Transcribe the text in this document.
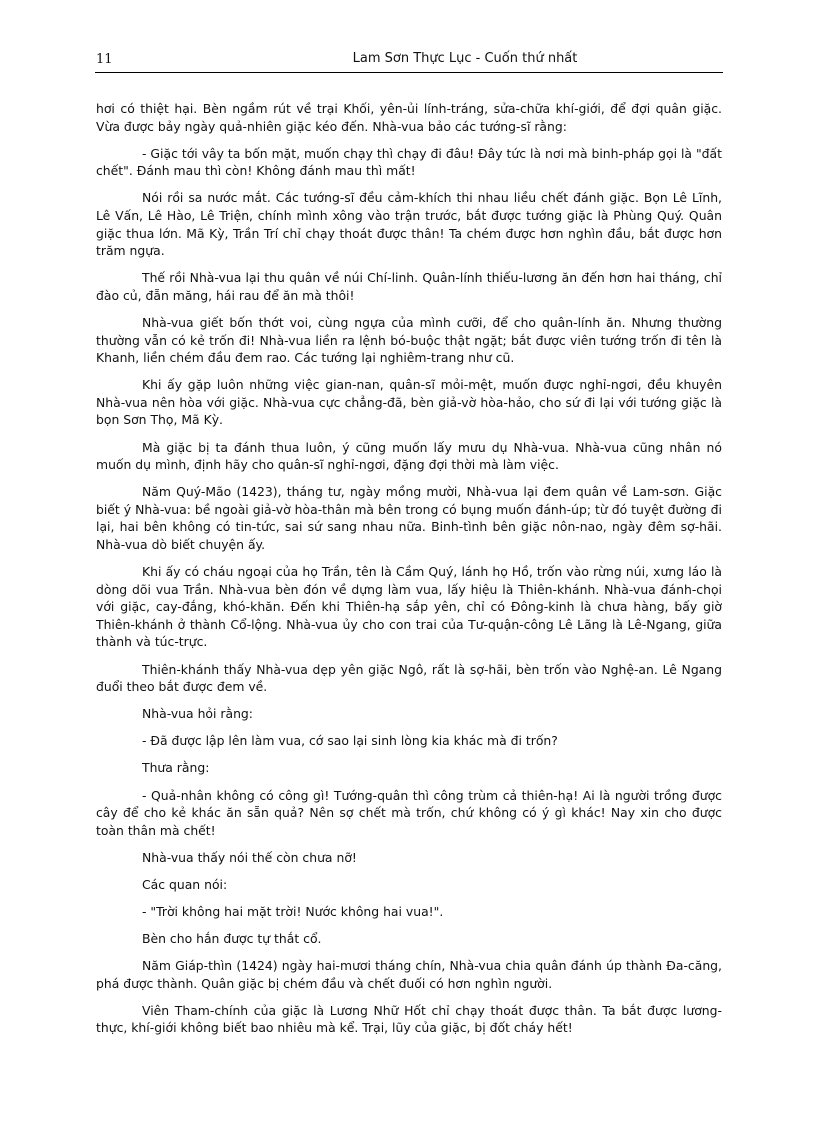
11	Lam Sơn Thực Lục - Cuốn thứ nhất

hơi có thiệt hại. Bèn ngầm rút về trại Khối, yên-ủi lính-tráng, sửa-chữa khí-giới, để đợi quân giặc. Vừa được bảy ngày quả-nhiên giặc kéo đến. Nhà-vua bảo các tướng-sĩ rằng:

- Giặc tới vây ta bốn mặt, muốn chạy thì chạy đi đâu! Đây tức là nơi mà binh-pháp gọi là "đất chết". Đánh mau thì còn! Không đánh mau thì mất!

Nói rồi sa nước mắt. Các tướng-sĩ đều cảm-khích thi nhau liều chết đánh giặc. Bọn Lê Lĩnh, Lê Vấn, Lê Hào, Lê Triện, chính mình xông vào trận trước, bắt được tướng giặc là Phùng Quý. Quân giặc thua lớn. Mã Kỳ, Trần Trí chỉ chạy thoát được thân! Ta chém được hơn nghìn đầu, bắt được hơn trăm ngựa.

Thế rồi Nhà-vua lại thu quân về núi Chí-linh. Quân-lính thiếu-lương ăn đến hơn hai tháng, chỉ đào củ, đẵn măng, hái rau để ăn mà thôi!

Nhà-vua giết bốn thớt voi, cùng ngựa của mình cưỡi, để cho quân-lính ăn. Nhưng thường thường vẫn có kẻ trốn đi! Nhà-vua liền ra lệnh bó-buộc thật ngặt; bắt được viên tướng trốn đi tên là Khanh, liền chém đầu đem rao. Các tướng lại nghiêm-trang như cũ.

Khi ấy gặp luôn những việc gian-nan, quân-sĩ mỏi-mệt, muốn được nghỉ-ngơi, đều khuyên Nhà-vua nên hòa với giặc. Nhà-vua cực chẳng-đã, bèn giả-vờ hòa-hảo, cho sứ đi lại với tướng giặc là bọn Sơn Thọ, Mã Kỳ.

Mà giặc bị ta đánh thua luôn, ý cũng muốn lấy mưu dụ Nhà-vua. Nhà-vua cũng nhân nó muốn dụ mình, định hãy cho quân-sĩ nghỉ-ngơi, đặng đợi thời mà làm việc.

Năm Quý-Mão (1423), tháng tư, ngày mồng mười, Nhà-vua lại đem quân về Lam-sơn. Giặc biết ý Nhà-vua: bề ngoài giả-vờ hòa-thân mà bên trong có bụng muốn đánh-úp; từ đó tuyệt đường đi lại, hai bên không có tin-tức, sai sứ sang nhau nữa. Binh-tình bên giặc nôn-nao, ngày đêm sợ-hãi. Nhà-vua dò biết chuyện ấy.

Khi ấy có cháu ngoại của họ Trần, tên là Cầm Quý, lánh họ Hồ, trốn vào rừng núi, xưng láo là dòng dõi vua Trần. Nhà-vua bèn đón về dựng làm vua, lấy hiệu là Thiên-khánh. Nhà-vua đánh-chọi với giặc, cay-đắng, khó-khăn. Đến khi Thiên-hạ sắp yên, chỉ có Đông-kinh là chưa hàng, bấy giờ Thiên-khánh ở thành Cổ-lộng. Nhà-vua ủy cho con trai của Tư-quận-công Lê Lãng là Lê-Ngang, giữa thành và túc-trực.

Thiên-khánh thấy Nhà-vua dẹp yên giặc Ngô, rất là sợ-hãi, bèn trốn vào Nghệ-an. Lê Ngang đuổi theo bắt được đem về.

Nhà-vua hỏi rằng:

- Đã được lập lên làm vua, cớ sao lại sinh lòng kia khác mà đi trốn?

Thưa rằng:

- Quả-nhân không có công gì! Tướng-quân thì công trùm cả thiên-hạ! Ai là người trồng được cây để cho kẻ khác ăn sẵn quả? Nên sợ chết mà trốn, chứ không có ý gì khác! Nay xin cho được toàn thân mà chết!

Nhà-vua thấy nói thế còn chưa nỡ!

Các quan nói:

- "Trời không hai mặt trời! Nước không hai vua!".

Bèn cho hắn được tự thắt cổ.

Năm Giáp-thìn (1424) ngày hai-mươi tháng chín, Nhà-vua chia quân đánh úp thành Đa-căng, phá được thành. Quân giặc bị chém đầu và chết đuối có hơn nghìn người.

Viên Tham-chính của giặc là Lương Nhữ Hốt chỉ chạy thoát được thân. Ta bắt được lương-thực, khí-giới không biết bao nhiêu mà kể. Trại, lũy của giặc, bị đốt cháy hết!
